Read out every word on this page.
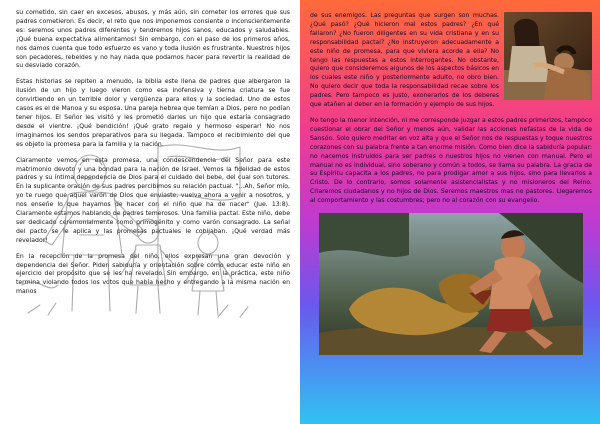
su cometido, sin caer en excesos, abusos, y más aún, sin cometer los errores que sus padres cometieron. Es decir, el reto que nos imponemos consiente o inconscientemente es: seremos unos padres diferentes y tendremos hijos sanos, educados y saludables. ¡Qué buena expectativa alimentamos! Sin embargo, con el paso de los primeros años, nos damos cuenta que todo esfuerzo es vano y toda ilusión es frustrante. Nuestros hijos son pecadores, rebeldes y no hay nada que podamos hacer para revertir la realidad de su desviado corazón.

Estas historias se repiten a menudo, la biblia este llena de padres que albergaron la ilusión de un hijo y luego vieron como esa inofensiva y tierna criatura se fue convirtiendo en un terrible dolor y vergüenza para ellos y la sociedad. Uno de estos casos es el de Manoa y su esposa. Una pareja hebrea que temían a Dios, pero no podían tener hijos. El Señor les visitó y les prometió darles un hijo que estaría consagrado desde el vientre. ¡Qué bendición! ¡Qué grato regalo y hermoso esperar! No nos imaginamos los sendos preparativos para su llegada. Tampoco el recibimiento del que es objeto la promesa para la familia y la nación.

Claramente vemos en esta promesa, una condescendencia del Señor para este matrimonio devoto y una bondad para la nación de Israel. Vemos la fidelidad de estos padres y su íntima dependencia de Dios para el cuidado del bebe, del cual son tutores. En la suplicante oración de sus padres percibimos su relación pactual. "...Ah, Señor mío, yo te ruego que aquel varón de Dios que enviaste, vuelva ahora a venir a nosotros, y nos enseñe lo que hayamos de hacer con el niño que ha de nacer" (Jue. 13:8). Claramente estamos hablando de padres temerosos. Una familia pactal. Este niño, debe ser dedicado ceremonialmente como primogénito y como varón consagrado. La señal del pacto se le aplica y las promesas pactuales le cobijaban. ¡Qué verdad más revelador!

En la recepción de la promesa del niño, ellos expresan una gran devoción y dependencia del Señor. Piden sabiduría y orientación sobre cómo educar este niño en ejercicio del propósito que se les ha revelado. Sin embargo, en la práctica, este niño termina violando todos los votos que había hecho y entregando a la misma nación en manos

de sus enemigos. Las preguntas que surgen son muchas. ¿Qué pasó? ¿Qué hicieron mal estos padres? ¿En qué fallaron? ¿No fueron diligentes en su vida cristiana y en su responsabilidad pactal? ¿No instruyeron adecuadamente a este niño de promesa, para que viviera acorde a ella? No tengo las respuestas a estos interrogantes. No obstante, quiero que consideremos algunos de los aspectos básicos en los cuales este niño y posteriormente adulto, no obro bien. No quiero decir que toda la responsabilidad recae sobre los padres. Pero tampoco es justo, exonerarlos de los deberes que atañen al deber en la formación y ejemplo de sus hijos.

No tengo la menor intención, ni me corresponde juzgar a estos padres primerizos, tampoco cuestionar el obrar del Señor y menos aún, validar las acciones nefastas de la vida de Sansón. Solo quiero meditar en voz alta y que el Señor nos de respuestas y toque nuestros corazones con su palabra frente a tan enorme misión. Como bien dice la sabiduría popular: no nacemos instruidos para ser padres o nuestros hijos no vienen con manual. Pero el manual no es individual, sino soberano y común a todos, se llama su palabra. La gracia de su Espíritu capacita a los padres, no para prodigar amor a sus hijos, sino para llevarlos a Cristo. De lo contrario, somos solamente asistencialistas y no misioneros del Reino. Criaremos ciudadanos y no hijos de Dios. Seremos maestros mas no pastores. Llegaremos al comportamiento y las costumbres; pero no al corazón con su evangelio.
